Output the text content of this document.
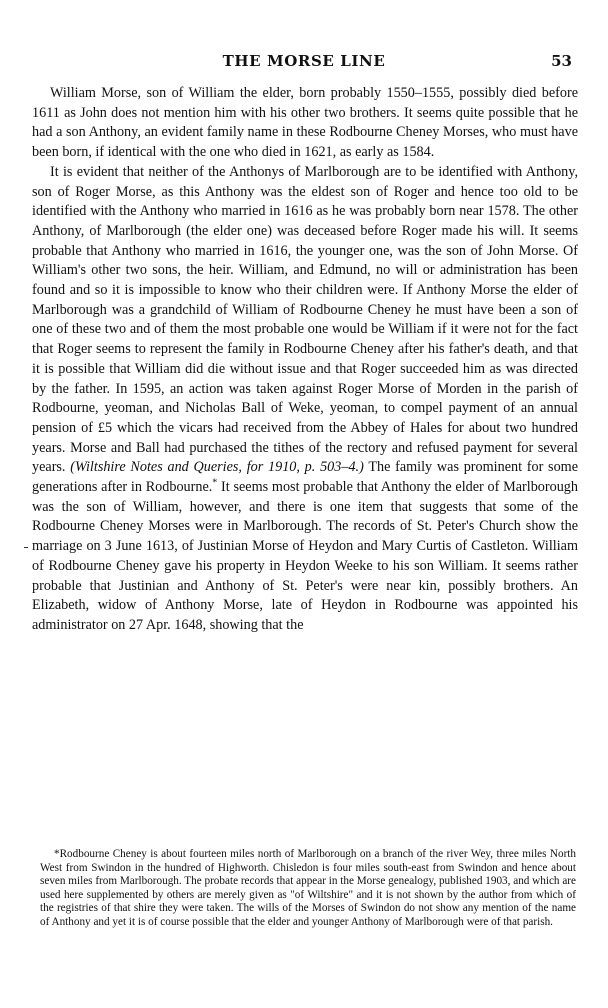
THE MORSE LINE	53

William Morse, son of William the elder, born probably 1550–1555, possibly died before 1611 as John does not mention him with his other two brothers. It seems quite possible that he had a son Anthony, an evident family name in these Rodbourne Cheney Morses, who must have been born, if identical with the one who died in 1621, as early as 1584.

It is evident that neither of the Anthonys of Marlborough are to be identified with Anthony, son of Roger Morse, as this Anthony was the eldest son of Roger and hence too old to be identified with the Anthony who married in 1616 as he was probably born near 1578. The other Anthony, of Marlborough (the elder one) was deceased before Roger made his will. It seems probable that Anthony who married in 1616, the younger one, was the son of John Morse. Of William's other two sons, the heir. William, and Edmund, no will or administration has been found and so it is impossible to know who their children were. If Anthony Morse the elder of Marlborough was a grandchild of William of Rodbourne Cheney he must have been a son of one of these two and of them the most probable one would be William if it were not for the fact that Roger seems to represent the family in Rodbourne Cheney after his father's death, and that it is possible that William did die without issue and that Roger succeeded him as was directed by the father. In 1595, an action was taken against Roger Morse of Morden in the parish of Rodbourne, yeoman, and Nicholas Ball of Weke, yeoman, to compel payment of an annual pension of £5 which the vicars had received from the Abbey of Hales for about two hundred years. Morse and Ball had purchased the tithes of the rectory and refused payment for several years. (Wiltshire Notes and Queries, for 1910, p. 503–4.) The family was prominent for some generations after in Rodbourne.* It seems most probable that Anthony the elder of Marlborough was the son of William, however, and there is one item that suggests that some of the Rodbourne Cheney Morses were in Marlborough. The records of St. Peter's Church show the marriage on 3 June 1613, of Justinian Morse of Heydon and Mary Curtis of Castleton. William of Rodbourne Cheney gave his property in Heydon Weeke to his son William. It seems rather probable that Justinian and Anthony of St. Peter's were near kin, possibly brothers. An Elizabeth, widow of Anthony Morse, late of Heydon in Rodbourne was appointed his administrator on 27 Apr. 1648, showing that the

*Rodbourne Cheney is about fourteen miles north of Marlborough on a branch of the river Wey, three miles North West from Swindon in the hundred of Highworth. Chisledon is four miles south-east from Swindon and hence about seven miles from Marlborough. The probate records that appear in the Morse genealogy, published 1903, and which are used here supplemented by others are merely given as "of Wiltshire" and it is not shown by the author from which of the registries of that shire they were taken. The wills of the Morses of Swindon do not show any mention of the name of Anthony and yet it is of course possible that the elder and younger Anthony of Marlborough were of that parish.
